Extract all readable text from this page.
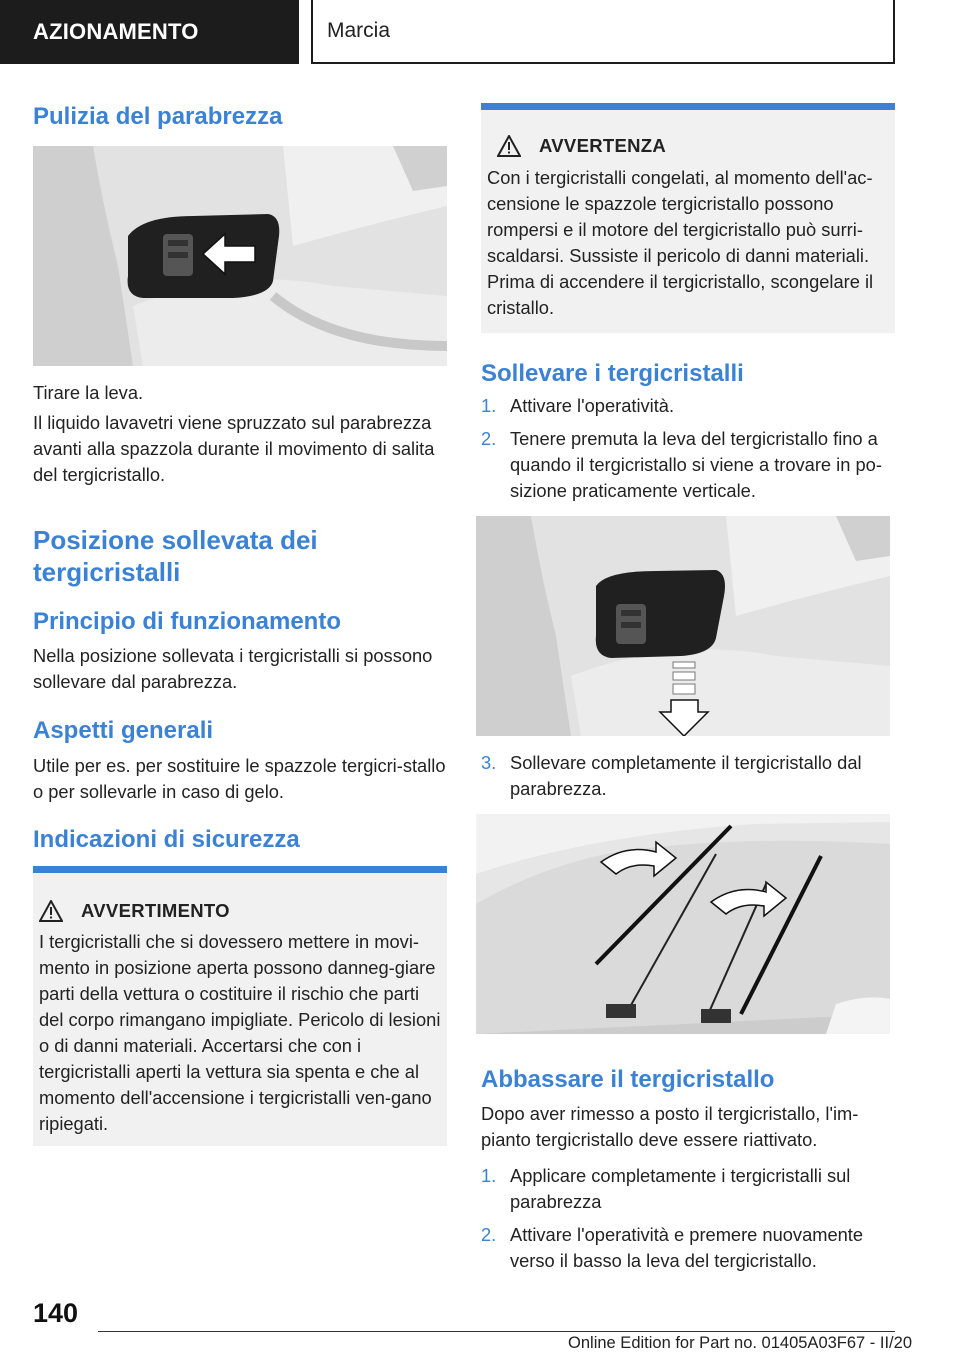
AZIONAMENTO	Marcia
Pulizia del parabrezza
Tirare la leva.
Il liquido lavavetri viene spruzzato sul parabrezza avanti alla spazzola durante il movimento di salita del tergicristallo.
Posizione sollevata dei tergicristalli
Principio di funzionamento
Nella posizione sollevata i tergicristalli si possono sollevare dal parabrezza.
Aspetti generali
Utile per es. per sostituire le spazzole tergicri-stallo o per sollevarle in caso di gelo.
Indicazioni di sicurezza
AVVERTIMENTO
I tergicristalli che si dovessero mettere in movi-mento in posizione aperta possono danneg-giare parti della vettura o costituire il rischio che parti del corpo rimangano impigliate. Pericolo di lesioni o di danni materiali. Accertarsi che con i tergicristalli aperti la vettura sia spenta e che al momento dell'accensione i tergicristalli ven-gano ripiegati.
AVVERTENZA
Con i tergicristalli congelati, al momento dell'ac-censione le spazzole tergicristallo possono rompersi e il motore del tergicristallo può surri-scaldarsi. Sussiste il pericolo di danni materiali. Prima di accendere il tergicristallo, scongelare il cristallo.
Sollevare i tergicristalli
1. Attivare l'operatività.
2. Tenere premuta la leva del tergicristallo fino a quando il tergicristallo si viene a trovare in po-sizione praticamente verticale.
3. Sollevare completamente il tergicristallo dal parabrezza.
Abbassare il tergicristallo
Dopo aver rimesso a posto il tergicristallo, l'im-pianto tergicristallo deve essere riattivato.
1. Applicare completamente i tergicristalli sul parabrezza
2. Attivare l'operatività e premere nuovamente verso il basso la leva del tergicristallo.
140
Online Edition for Part no. 01405A03F67 - II/20
